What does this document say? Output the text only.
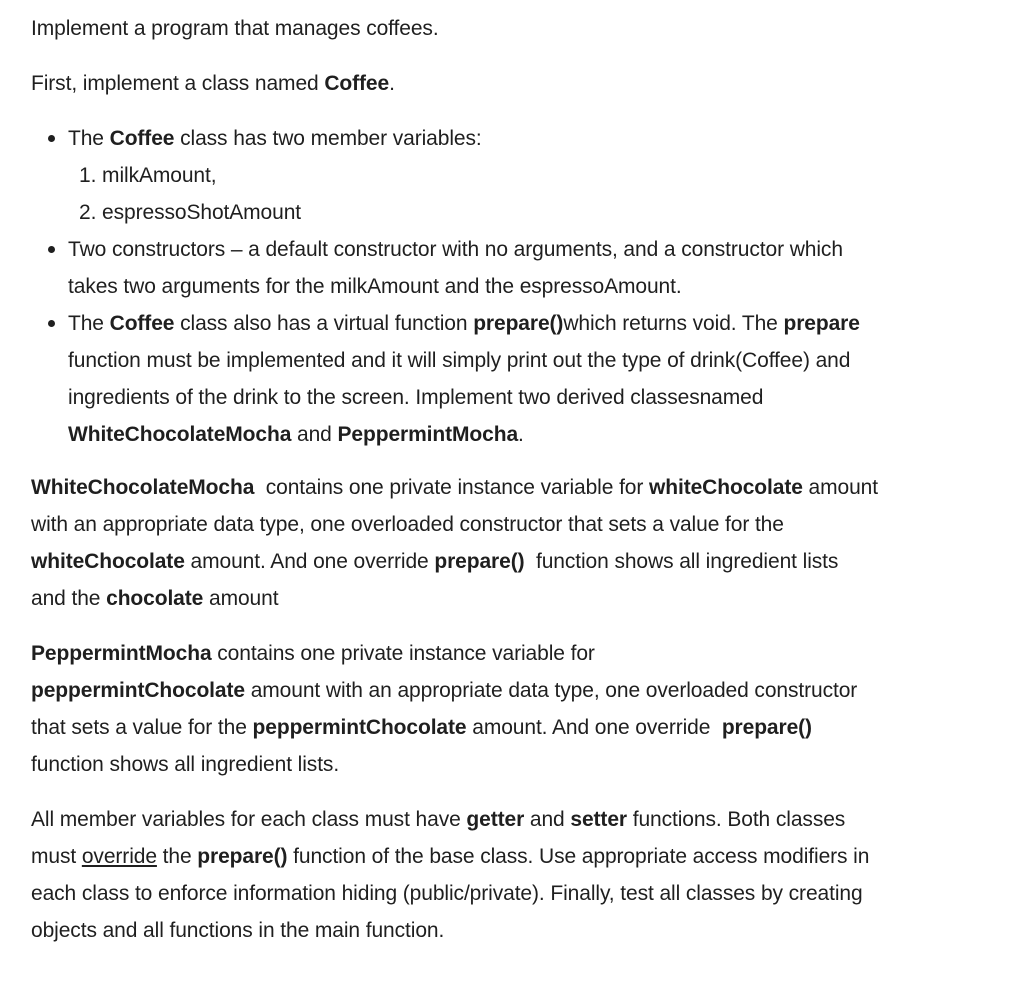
Implement a program that manages coffees.

First, implement a class named Coffee.

The Coffee class has two member variables:
1. milkAmount,
2. espressoShotAmount
Two constructors – a default constructor with no arguments, and a constructor which
takes two arguments for the milkAmount and the espressoAmount.
The Coffee class also has a virtual function prepare()which returns void. The prepare
function must be implemented and it will simply print out the type of drink(Coffee) and
ingredients of the drink to the screen. Implement two derived classesnamed
WhiteChocolateMocha and PeppermintMocha.

WhiteChocolateMocha  contains one private instance variable for whiteChocolate amount
with an appropriate data type, one overloaded constructor that sets a value for the
whiteChocolate amount. And one override prepare()  function shows all ingredient lists
and the chocolate amount

PeppermintMocha contains one private instance variable for
peppermintChocolate amount with an appropriate data type, one overloaded constructor
that sets a value for the peppermintChocolate amount. And one override  prepare()
function shows all ingredient lists.

All member variables for each class must have getter and setter functions. Both classes
must override the prepare() function of the base class. Use appropriate access modifiers in
each class to enforce information hiding (public/private). Finally, test all classes by creating
objects and all functions in the main function.
